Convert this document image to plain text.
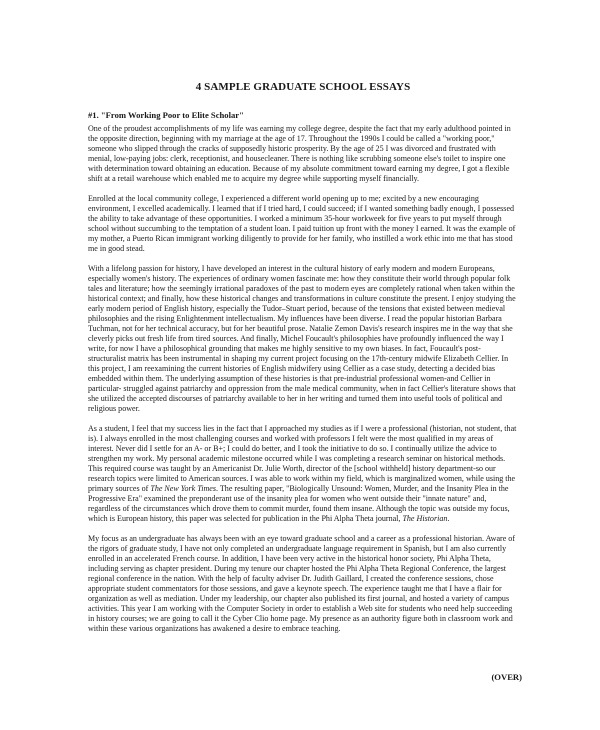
4 SAMPLE GRADUATE SCHOOL ESSAYS
#1. "From Working Poor to Elite Scholar"

One of the proudest accomplishments of my life was earning my college degree, despite the fact that my early adulthood pointed in the opposite direction, beginning with my marriage at the age of 17. Throughout the 1990s I could be called a "working poor," someone who slipped through the cracks of supposedly historic prosperity. By the age of 25 I was divorced and frustrated with menial, low-paying jobs: clerk, receptionist, and housecleaner. There is nothing like scrubbing someone else's toilet to inspire one with determination toward obtaining an education. Because of my absolute commitment toward earning my degree, I got a flexible shift at a retail warehouse which enabled me to acquire my degree while supporting myself financially.

Enrolled at the local community college, I experienced a different world opening up to me; excited by a new encouraging environment, I excelled academically. I learned that if I tried hard, I could succeed; if I wanted something badly enough, I possessed the ability to take advantage of these opportunities. I worked a minimum 35-hour workweek for five years to put myself through school without succumbing to the temptation of a student loan. I paid tuition up front with the money I earned. It was the example of my mother, a Puerto Rican immigrant working diligently to provide for her family, who instilled a work ethic into me that has stood me in good stead.

With a lifelong passion for history, I have developed an interest in the cultural history of early modern and modern Europeans, especially women's history. The experiences of ordinary women fascinate me: how they constitute their world through popular folk tales and literature; how the seemingly irrational paradoxes of the past to modern eyes are completely rational when taken within the historical context; and finally, how these historical changes and transformations in culture constitute the present. I enjoy studying the early modern period of English history, especially the Tudor–Stuart period, because of the tensions that existed between medieval philosophies and the rising Enlightenment intellectualism. My influences have been diverse. I read the popular historian Barbara Tuchman, not for her technical accuracy, but for her beautiful prose. Natalie Zemon Davis's research inspires me in the way that she cleverly picks out fresh life from tired sources. And finally, Michel Foucault's philosophies have profoundly influenced the way I write, for now I have a philosophical grounding that makes me highly sensitive to my own biases. In fact, Foucault's post-structuralist matrix has been instrumental in shaping my current project focusing on the 17th-century midwife Elizabeth Cellier. In this project, I am reexamining the current histories of English midwifery using Cellier as a case study, detecting a decided bias embedded within them. The underlying assumption of these histories is that pre-industrial professional women-and Cellier in particular- struggled against patriarchy and oppression from the male medical community, when in fact Cellier's literature shows that she utilized the accepted discourses of patriarchy available to her in her writing and turned them into useful tools of political and religious power.

As a student, I feel that my success lies in the fact that I approached my studies as if I were a professional (historian, not student, that is). I always enrolled in the most challenging courses and worked with professors I felt were the most qualified in my areas of interest. Never did I settle for an A- or B+; I could do better, and I took the initiative to do so. I continually utilize the advice to strengthen my work. My personal academic milestone occurred while I was completing a research seminar on historical methods. This required course was taught by an Americanist Dr. Julie Worth, director of the [school withheld] history department-so our research topics were limited to American sources. I was able to work within my field, which is marginalized women, while using the primary sources of The New York Times. The resulting paper, "Biologically Unsound: Women, Murder, and the Insanity Plea in the Progressive Era" examined the preponderant use of the insanity plea for women who went outside their "innate nature" and, regardless of the circumstances which drove them to commit murder, found them insane. Although the topic was outside my focus, which is European history, this paper was selected for publication in the Phi Alpha Theta journal, The Historian.

My focus as an undergraduate has always been with an eye toward graduate school and a career as a professional historian. Aware of the rigors of graduate study, I have not only completed an undergraduate language requirement in Spanish, but I am also currently enrolled in an accelerated French course. In addition, I have been very active in the historical honor society, Phi Alpha Theta, including serving as chapter president. During my tenure our chapter hosted the Phi Alpha Theta Regional Conference, the largest regional conference in the nation. With the help of faculty adviser Dr. Judith Gaillard, I created the conference sessions, chose appropriate student commentators for those sessions, and gave a keynote speech. The experience taught me that I have a flair for organization as well as mediation. Under my leadership, our chapter also published its first journal, and hosted a variety of campus activities. This year I am working with the Computer Society in order to establish a Web site for students who need help succeeding in history courses; we are going to call it the Cyber Clio home page. My presence as an authority figure both in classroom work and within these various organizations has awakened a desire to embrace teaching.

(OVER)
